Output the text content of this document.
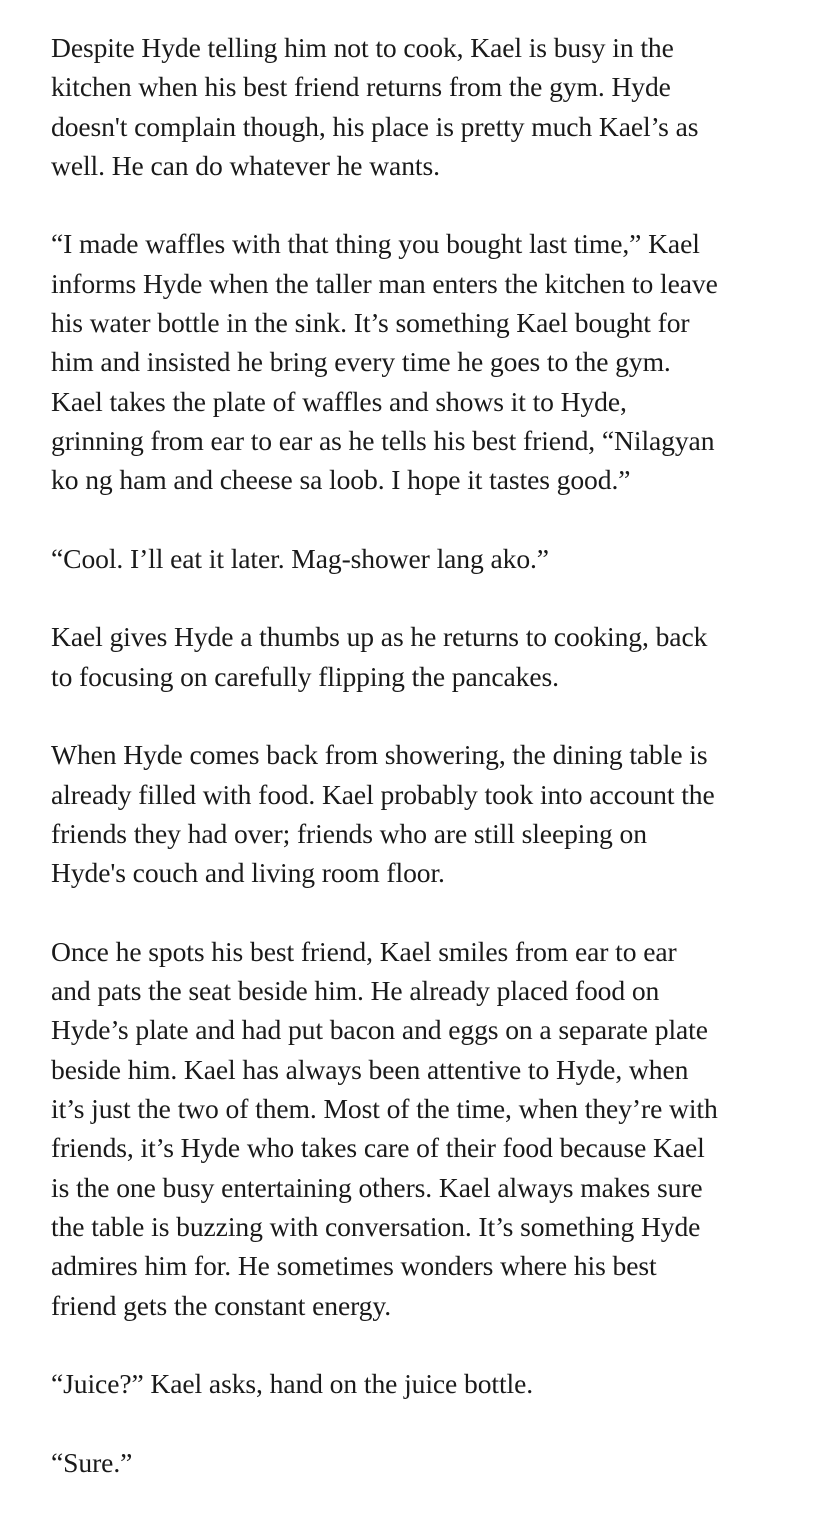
Despite Hyde telling him not to cook, Kael is busy in the
kitchen when his best friend returns from the gym. Hyde
doesn't complain though, his place is pretty much Kael’s as
well. He can do whatever he wants.
“I made waffles with that thing you bought last time,” Kael
informs Hyde when the taller man enters the kitchen to leave
his water bottle in the sink. It’s something Kael bought for
him and insisted he bring every time he goes to the gym.
Kael takes the plate of waffles and shows it to Hyde,
grinning from ear to ear as he tells his best friend, “Nilagyan
ko ng ham and cheese sa loob. I hope it tastes good.”
“Cool. I’ll eat it later. Mag-shower lang ako.”
Kael gives Hyde a thumbs up as he returns to cooking, back
to focusing on carefully flipping the pancakes.
When Hyde comes back from showering, the dining table is
already filled with food. Kael probably took into account the
friends they had over; friends who are still sleeping on
Hyde's couch and living room floor.
Once he spots his best friend, Kael smiles from ear to ear
and pats the seat beside him. He already placed food on
Hyde’s plate and had put bacon and eggs on a separate plate
beside him. Kael has always been attentive to Hyde, when
it’s just the two of them. Most of the time, when they’re with
friends, it’s Hyde who takes care of their food because Kael
is the one busy entertaining others. Kael always makes sure
the table is buzzing with conversation. It’s something Hyde
admires him for. He sometimes wonders where his best
friend gets the constant energy.
“Juice?” Kael asks, hand on the juice bottle.
“Sure.”
